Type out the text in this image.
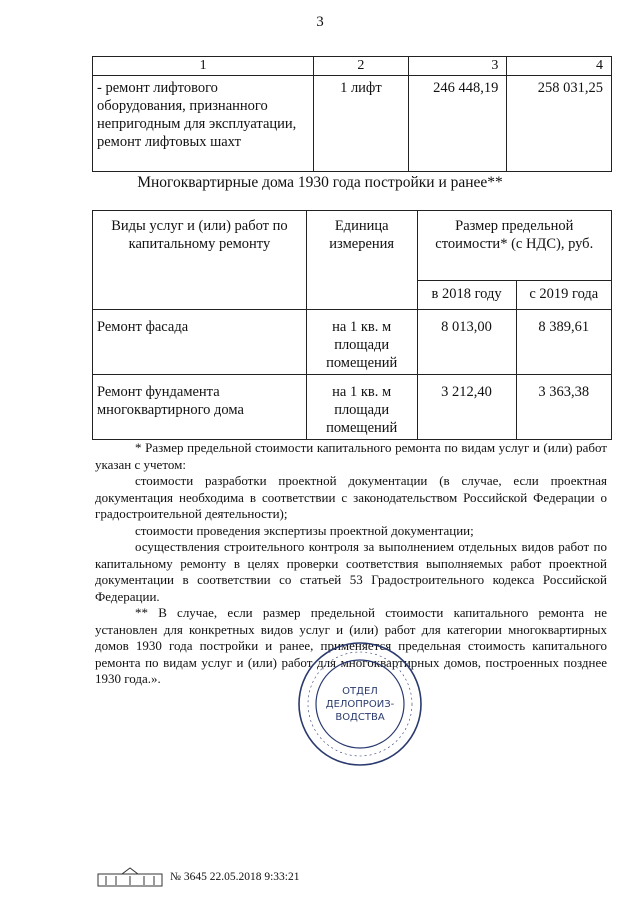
3
1	2	3	4
- ремонт лифтового оборудования, признанного непригодным для эксплуатации, ремонт лифтовых шахт	1 лифт	246 448,19	258 031,25
Многоквартирные дома 1930 года постройки и ранее**
Виды услуг и (или) работ по капитальному ремонту	Единица измерения	Размер предельной стоимости* (с НДС), руб.	
		в 2018 году	с 2019 года
Ремонт фасада	на 1 кв. м площади помещений	8 013,00	8 389,61
Ремонт фундамента многоквартирного дома	на 1 кв. м площади помещений	3 212,40	3 363,38

* Размер предельной стоимости капитального ремонта по видам услуг и (или) работ указан с учетом:

стоимости разработки проектной документации (в случае, если проектная документация необходима в соответствии с законодательством Российской Федерации о градостроительной деятельности);

стоимости проведения экспертизы проектной документации;

осуществления строительного контроля за выполнением отдельных видов работ по капитальному ремонту в целях проверки соответствия выполняемых работ проектной документации в соответствии со статьей 53 Градостроительного кодекса Российской Федерации.

** В случае, если размер предельной стоимости капитального ремонта не установлен для конкретных видов услуг и (или) работ для категории многоквартирных домов 1930 года постройки и ранее, применяется предельная стоимость капитального ремонта по видам услуг и (или) работ для многоквартирных домов, построенных позднее 1930 года.».

ОТДЕЛ
ДЕЛОПРОИЗ-
ВОДСТВА
№ 3645 22.05.2018 9:33:21
